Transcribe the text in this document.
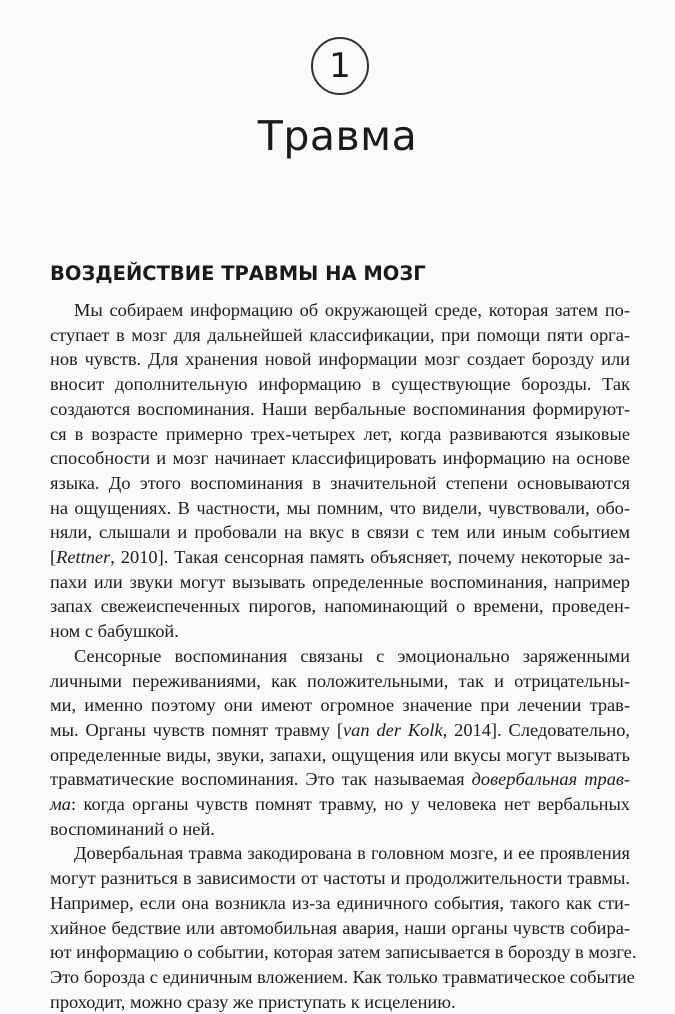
1
Травма
ВОЗДЕЙСТВИЕ ТРАВМЫ НА МОЗГ
Мы собираем информацию об окружающей среде, которая затем по-
ступает в мозг для дальнейшей классификации, при помощи пяти орга-
нов чувств. Для хранения новой информации мозг создает борозду или
вносит дополнительную информацию в существующие борозды. Так
создаются воспоминания. Наши вербальные воспоминания формируют-
ся в возрасте примерно трех-четырех лет, когда развиваются языковые
способности и мозг начинает классифицировать информацию на основе
языка. До этого воспоминания в значительной степени основываются
на ощущениях. В частности, мы помним, что видели, чувствовали, обо-
няли, слышали и пробовали на вкус в связи с тем или иным событием
[Rettner, 2010]. Такая сенсорная память объясняет, почему некоторые за-
пахи или звуки могут вызывать определенные воспоминания, например
запах свежеиспеченных пирогов, напоминающий о времени, проведен-
ном с бабушкой.
Сенсорные воспоминания связаны с эмоционально заряженными
личными переживаниями, как положительными, так и отрицательны-
ми, именно поэтому они имеют огромное значение при лечении трав-
мы. Органы чувств помнят травму [van der Kolk, 2014]. Следовательно,
определенные виды, звуки, запахи, ощущения или вкусы могут вызывать
травматические воспоминания. Это так называемая довербальная трав-
ма: когда органы чувств помнят травму, но у человека нет вербальных
воспоминаний о ней.
Довербальная травма закодирована в головном мозге, и ее проявления
могут разниться в зависимости от частоты и продолжительности травмы.
Например, если она возникла из-за единичного события, такого как сти-
хийное бедствие или автомобильная авария, наши органы чувств собира-
ют информацию о событии, которая затем записывается в борозду в мозге.
Это борозда с единичным вложением. Как только травматическое событие
проходит, можно сразу же приступать к исцелению.
